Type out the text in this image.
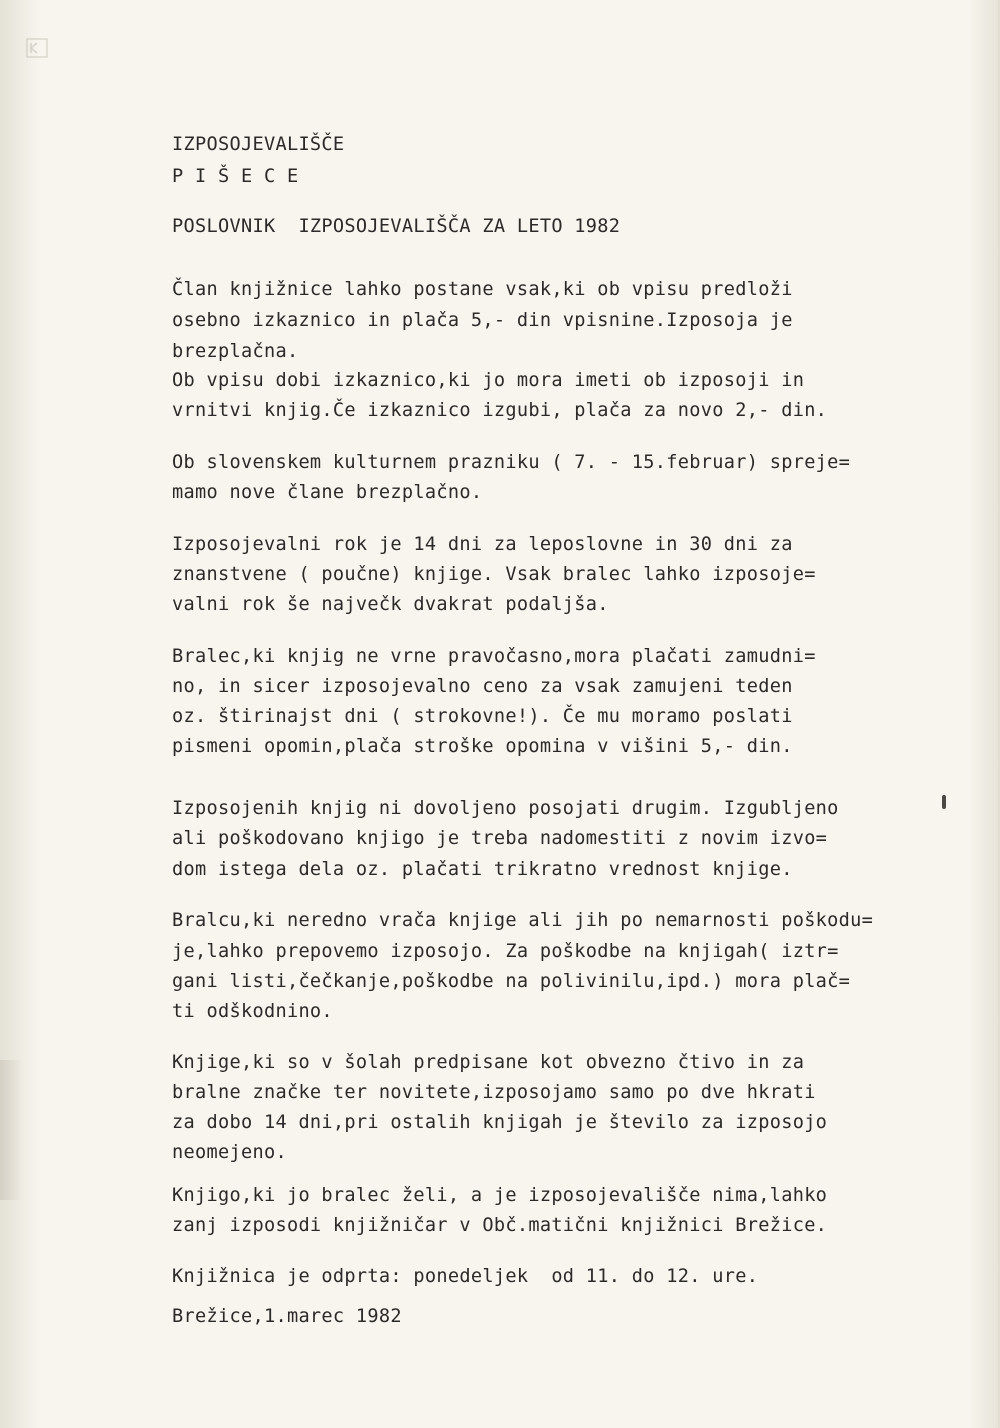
IZPOSOJEVALIŠČE
P I Š E C E
POSLOVNIK  IZPOSOJEVALIŠČA ZA LETO 1982
Član knjižnice lahko postane vsak,ki ob vpisu predloži
osebno izkaznico in plača 5,- din vpisnine.Izposoja je
brezplačna.
Ob vpisu dobi izkaznico,ki jo mora imeti ob izposoji in
vrnitvi knjig.Če izkaznico izgubi, plača za novo 2,- din.
Ob slovenskem kulturnem prazniku ( 7. - 15.februar) spreje=
mamo nove člane brezplačno.
Izposojevalni rok je 14 dni za leposlovne in 30 dni za
znanstvene ( poučne) knjige. Vsak bralec lahko izposoje=
valni rok še največk dvakrat podaljša.
Bralec,ki knjig ne vrne pravočasno,mora plačati zamudni=
no, in sicer izposojevalno ceno za vsak zamujeni teden
oz. štirinajst dni ( strokovne!). Če mu moramo poslati
pismeni opomin,plača stroške opomina v višini 5,- din.
Izposojenih knjig ni dovoljeno posojati drugim. Izgubljeno
ali poškodovano knjigo je treba nadomestiti z novim izvo=
dom istega dela oz. plačati trikratno vrednost knjige.
Bralcu,ki neredno vrača knjige ali jih po nemarnosti poškodu=
je,lahko prepovemo izposojo. Za poškodbe na knjigah( iztr=
gani listi,čečkanje,poškodbe na polivinilu,ipd.) mora plač=
ti odškodnino.
Knjige,ki so v šolah predpisane kot obvezno čtivo in za
bralne značke ter novitete,izposojamo samo po dve hkrati
za dobo 14 dni,pri ostalih knjigah je število za izposojo
neomejeno.
Knjigo,ki jo bralec želi, a je izposojevališče nima,lahko
zanj izposodi knjižničar v Obč.matični knjižnici Brežice.
Knjižnica je odprta: ponedeljek  od 11. do 12. ure.
Brežice,1.marec 1982
